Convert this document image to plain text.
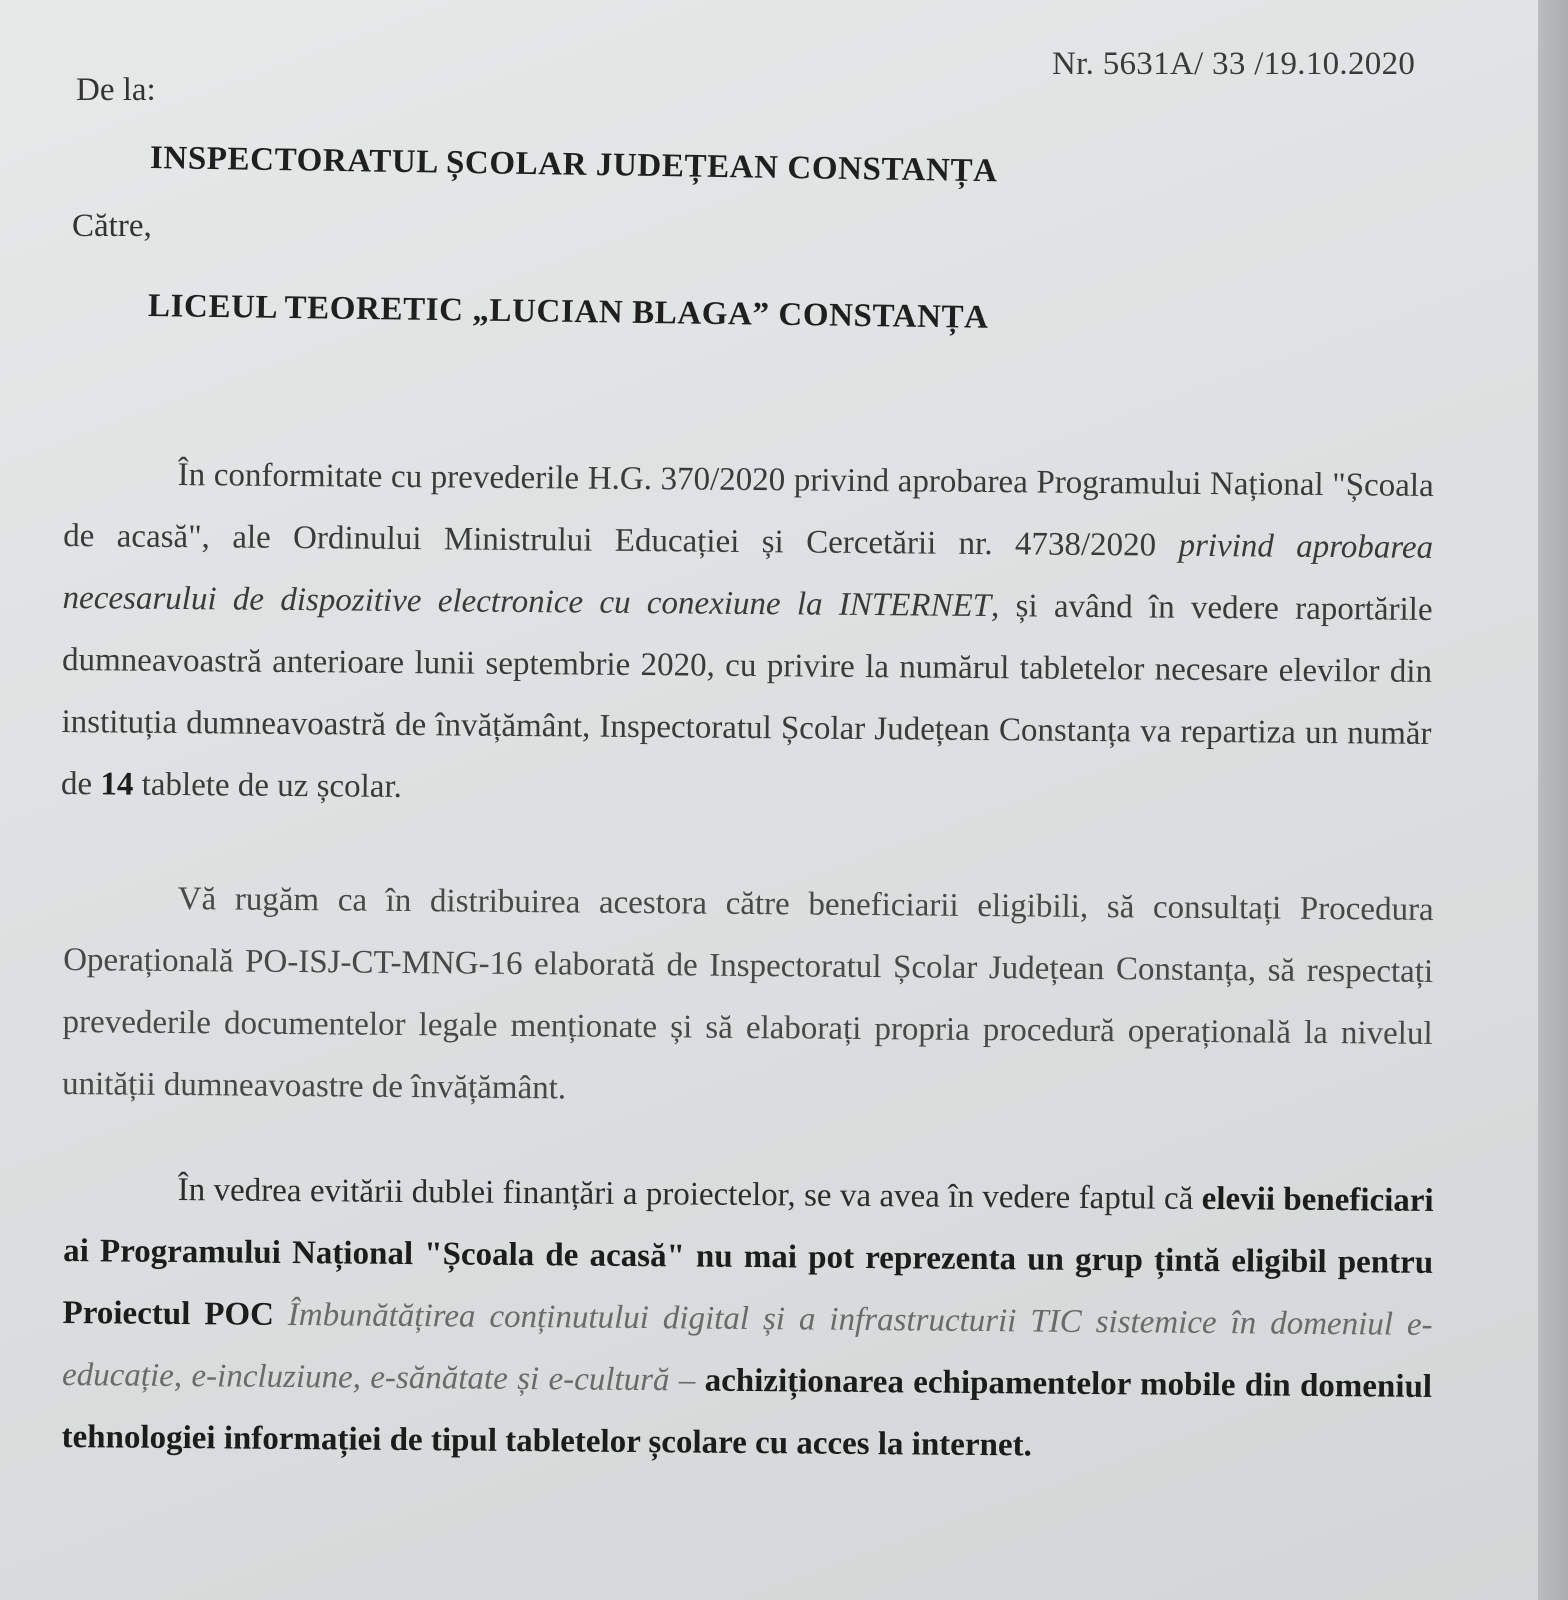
Nr. 5631A/ 33 /19.10.2020
De la:
INSPECTORATUL ȘCOLAR JUDEȚEAN CONSTANȚA
Către,
LICEUL TEORETIC „LUCIAN BLAGA” CONSTANȚA

În conformitate cu prevederile H.G. 370/2020 privind aprobarea Programului Național "Școala de acasă", ale Ordinului Ministrului Educației și Cercetării nr. 4738/2020 privind aprobarea necesarului de dispozitive electronice cu conexiune la INTERNET, și având în vedere raportările dumneavoastră anterioare lunii septembrie 2020, cu privire la numărul tabletelor necesare elevilor din instituția dumneavoastră de învățământ, Inspectoratul Școlar Județean Constanța va repartiza un număr de 14 tablete de uz școlar.

Vă rugăm ca în distribuirea acestora către beneficiarii eligibili, să consultați Procedura Operațională PO-ISJ-CT-MNG-16 elaborată de Inspectoratul Școlar Județean Constanța, să respectați prevederile documentelor legale menționate și să elaborați propria procedură operațională la nivelul unității dumneavoastre de învățământ.

În vedrea evitării dublei finanțări a proiectelor, se va avea în vedere faptul că elevii beneficiari ai Programului Național "Școala de acasă" nu mai pot reprezenta un grup țintă eligibil pentru Proiectul POC Îmbunătățirea conținutului digital și a infrastructurii TIC sistemice în domeniul e-educație, e-incluziune, e-sănătate și e-cultură – achiziționarea echipamentelor mobile din domeniul tehnologiei informației de tipul tabletelor școlare cu acces la internet.
